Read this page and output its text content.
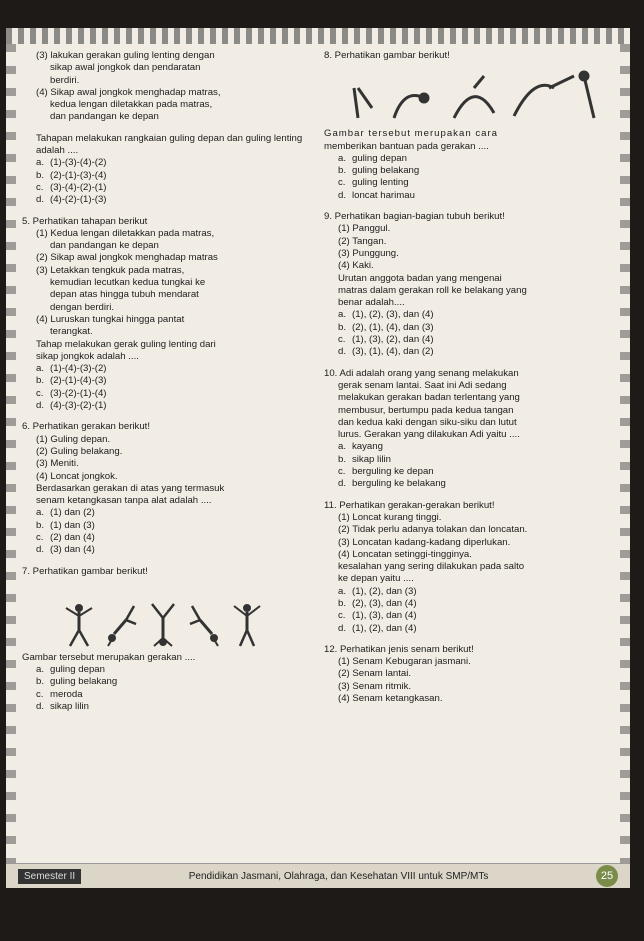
(3) lakukan gerakan guling lenting dengan

sikap awal jongkok dan pendaratan

berdiri.

(4) Sikap awal jongkok menghadap matras,

kedua lengan diletakkan pada matras,

dan pandangan ke depan

Tahapan melakukan rangkaian guling depan dan guling lenting adalah ....

a. (1)-(3)-(4)-(2)

b. (2)-(1)-(3)-(4)

c. (3)-(4)-(2)-(1)

d. (4)-(2)-(1)-(3)

5. Perhatikan tahapan berikut

(1) Kedua lengan diletakkan pada matras,

dan pandangan ke depan

(2) Sikap awal jongkok menghadap matras

(3) Letakkan tengkuk pada matras,

kemudian lecutkan kedua tungkai ke

depan atas hingga tubuh mendarat

dengan berdiri.

(4) Luruskan tungkai hingga pantat

terangkat.

Tahap melakukan gerak guling lenting dari

sikap jongkok adalah ....

a. (1)-(4)-(3)-(2)

b. (2)-(1)-(4)-(3)

c. (3)-(2)-(1)-(4)

d. (4)-(3)-(2)-(1)

6. Perhatikan gerakan berikut!

(1) Guling depan.

(2) Guling belakang.

(3) Meniti.

(4) Loncat jongkok.

Berdasarkan gerakan di atas yang termasuk

senam ketangkasan tanpa alat adalah ....

a. (1) dan (2)

b. (1) dan (3)

c. (2) dan (4)

d. (3) dan (4)

7. Perhatikan gambar berikut!

Gambar tersebut merupakan gerakan ....

a. guling depan

b. guling belakang

c. meroda

d. sikap lilin

8. Perhatikan gambar berikut!

Gambar tersebut merupakan cara

memberikan bantuan pada gerakan ....

a. guling depan

b. guling belakang

c. guling lenting

d. loncat harimau

9. Perhatikan bagian-bagian tubuh berikut!

(1) Panggul.

(2) Tangan.

(3) Punggung.

(4) Kaki.

Urutan anggota badan yang mengenai

matras dalam gerakan roll ke belakang yang

benar adalah....

a. (1), (2), (3), dan (4)

b. (2), (1), (4), dan (3)

c. (1), (3), (2), dan (4)

d. (3), (1), (4), dan (2)

10. Adi adalah orang yang senang melakukan

gerak senam lantai. Saat ini Adi sedang

melakukan gerakan badan terlentang yang

membusur, bertumpu pada kedua tangan

dan kedua kaki dengan siku-siku dan lutut

lurus. Gerakan yang dilakukan Adi yaitu ....

a. kayang

b. sikap lilin

c. berguling ke depan

d. berguling ke belakang

11. Perhatikan gerakan-gerakan berikut!

(1) Loncat kurang tinggi.

(2) Tidak perlu adanya tolakan dan loncatan.

(3) Loncatan kadang-kadang diperlukan.

(4) Loncatan setinggi-tingginya.

kesalahan yang sering dilakukan pada salto

ke depan yaitu ....

a. (1), (2), dan (3)

b. (2), (3), dan (4)

c. (1), (3), dan (4)

d. (1), (2), dan (4)

12. Perhatikan jenis senam berikut!

(1) Senam Kebugaran jasmani.

(2) Senam lantai.

(3) Senam ritmik.

(4) Senam ketangkasan.

Semester II	Pendidikan Jasmani, Olahraga, dan Kesehatan VIII untuk SMP/MTs	25
